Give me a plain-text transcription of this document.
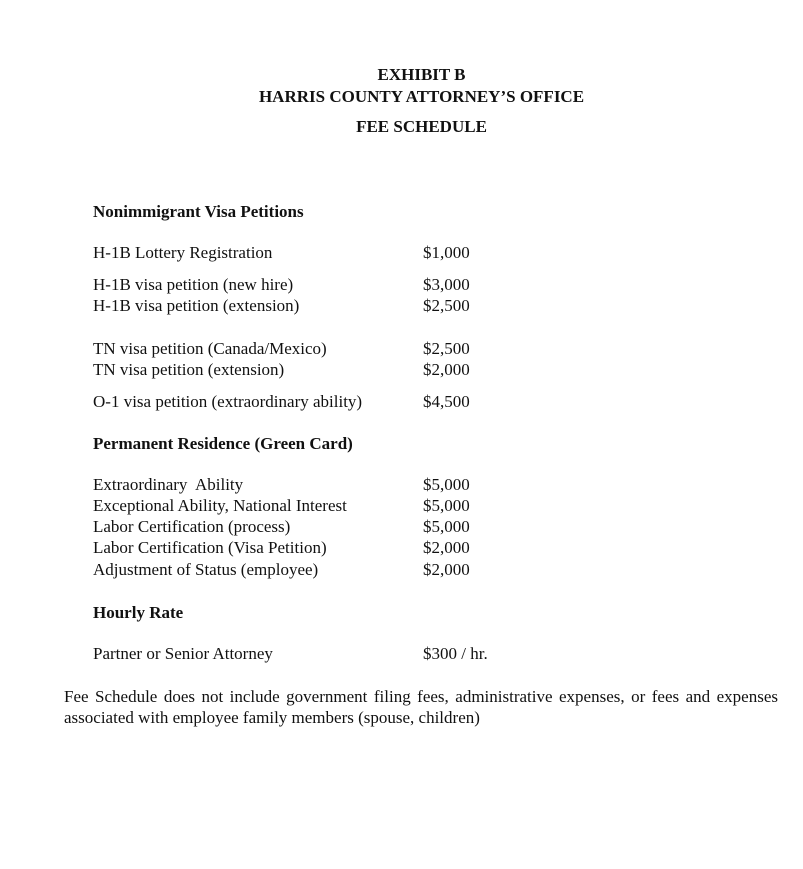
EXHIBIT B
HARRIS COUNTY ATTORNEY’S OFFICE
FEE SCHEDULE
Nonimmigrant Visa Petitions
H-1B Lottery Registration	$1,000
H-1B visa petition (new hire)	$3,000
H-1B visa petition (extension)	$2,500
TN visa petition (Canada/Mexico)	$2,500
TN visa petition (extension)	$2,000
O-1 visa petition (extraordinary ability)	$4,500
Permanent Residence (Green Card)
Extraordinary  Ability	$5,000
Exceptional Ability, National Interest	$5,000
Labor Certification (process)	$5,000
Labor Certification (Visa Petition)	$2,000
Adjustment of Status (employee)	$2,000
Hourly Rate
Partner or Senior Attorney	$300 / hr.
Fee Schedule does not include government filing fees, administrative expenses, or fees and expenses associated with employee family members (spouse, children)
